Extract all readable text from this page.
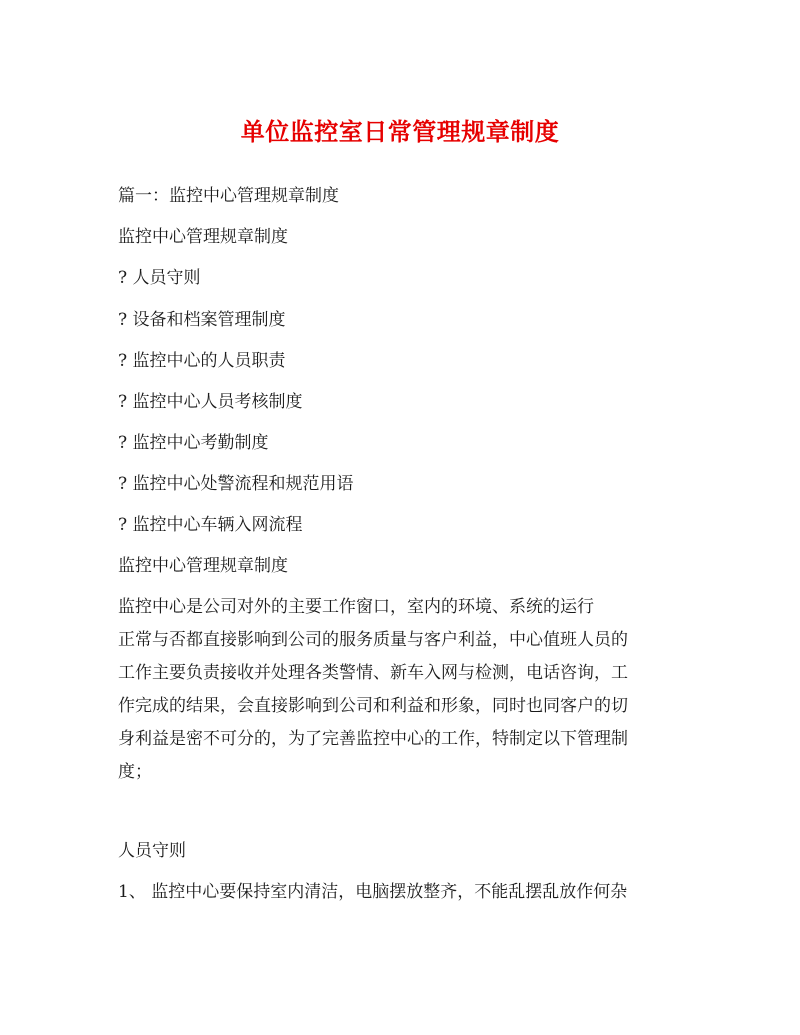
单位监控室日常管理规章制度
篇一：监控中心管理规章制度
监控中心管理规章制度
? 人员守则
? 设备和档案管理制度
? 监控中心的人员职责
? 监控中心人员考核制度
? 监控中心考勤制度
? 监控中心处警流程和规范用语
? 监控中心车辆入网流程
监控中心管理规章制度

监控中心是公司对外的主要工作窗口，室内的环境、系统的运行

正常与否都直接影响到公司的服务质量与客户利益，中心值班人员的

工作主要负责接收并处理各类警情、新车入网与检测，电话咨询，工

作完成的结果，会直接影响到公司和利益和形象，同时也同客户的切

身利益是密不可分的，为了完善监控中心的工作，特制定以下管理制

度；

人员守则
1、 监控中心要保持室内清洁，电脑摆放整齐，不能乱摆乱放作何杂
